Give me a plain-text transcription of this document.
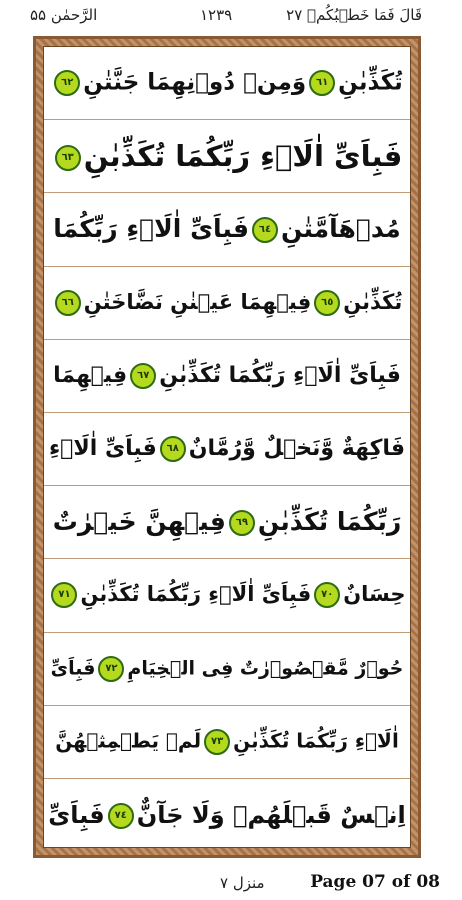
الرَّحمٰن ۵۵	۱۲۳۹	قَالَ فَمَا خَطۡبُكُمۡ ۲۷
تُكَذِّبٰنِ٦١وَمِنۡ دُوۡنِهِمَا جَنَّتٰنِ٦٢
فَبِاَىِّ اٰلَاۤءِ رَبِّكُمَا تُكَذِّبٰنِ٦٣
مُدۡهَآمَّتٰنِ٦٤فَبِاَىِّ اٰلَاۤءِ رَبِّكُمَا
تُكَذِّبٰنِ٦٥فِيۡهِمَا عَيۡنٰنِ نَضَّاخَتٰنِ٦٦
فَبِاَىِّ اٰلَاۤءِ رَبِّكُمَا تُكَذِّبٰنِ٦٧فِيۡهِمَا
فَاكِهَةٌ وَّنَخۡلٌ وَّرُمَّانٌ٦٨فَبِاَىِّ اٰلَاۤءِ
رَبِّكُمَا تُكَذِّبٰنِ٦٩فِيۡهِنَّ خَيۡرٰتٌ
حِسَانٌ٧٠فَبِاَىِّ اٰلَاۤءِ رَبِّكُمَا تُكَذِّبٰنِ٧١
حُوۡرٌ مَّقۡصُوۡرٰتٌ فِى الۡخِيَامِ٧٢فَبِاَىِّ
اٰلَاۤءِ رَبِّكُمَا تُكَذِّبٰنِ٧٣لَمۡ يَطۡمِثۡهُنَّ
اِنۡسٌ قَبۡلَهُمۡ وَلَا جَآنٌّ٧٤فَبِاَىِّ
منزل ۷	Page 07 of 08
